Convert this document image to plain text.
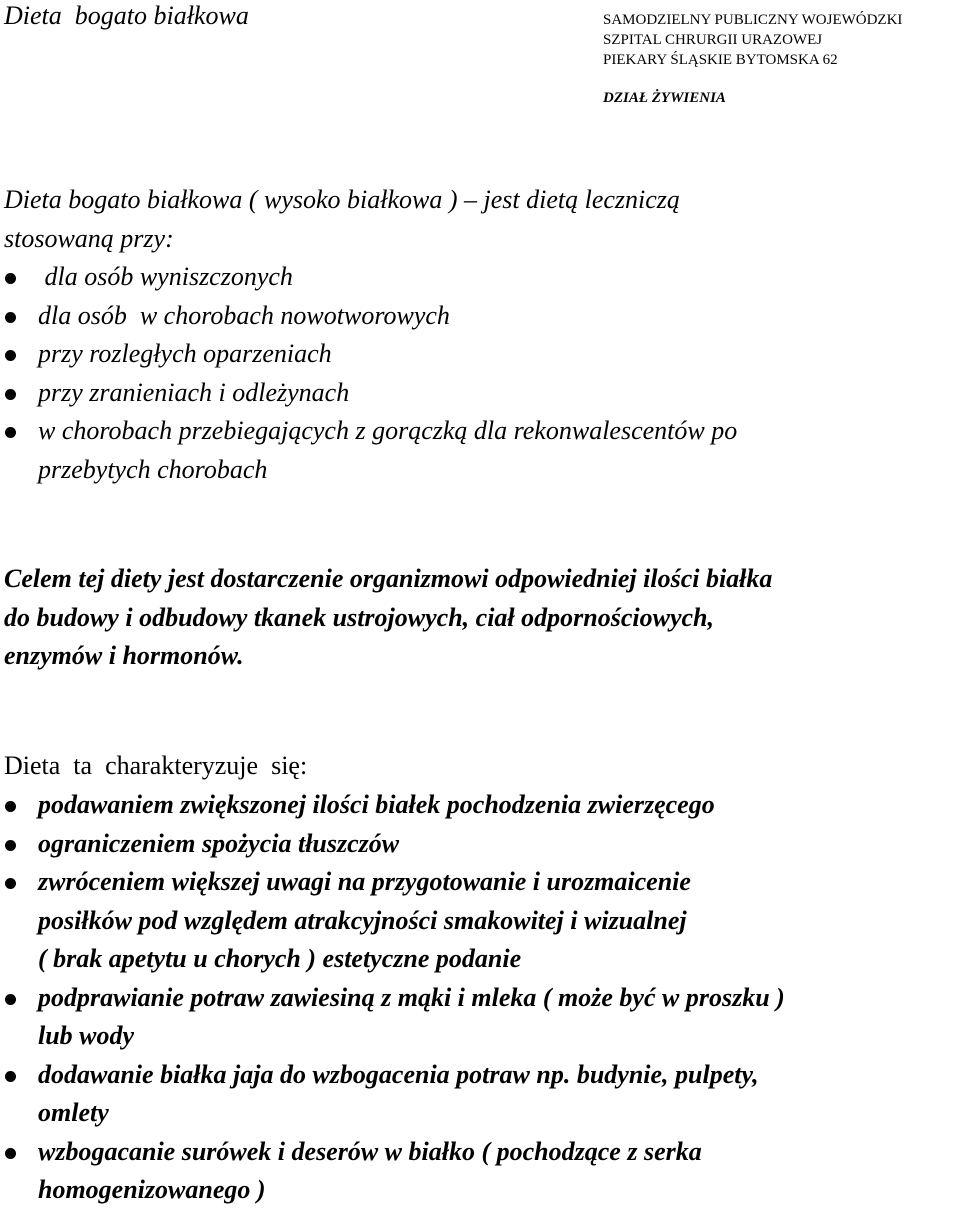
Dieta  bogato białkowa	SAMODZIELNY PUBLICZNY WOJEWÓDZKI
SZPITAL CHRURGII URAZOWEJ
PIEKARY ŚLĄSKIE BYTOMSKA 62
DZIAŁ ŻYWIENIA
Dieta bogato białkowa ( wysoko białkowa ) – jest dietą leczniczą
stosowaną przy:
dla osób wyniszczonych
dla osób  w chorobach nowotworowych
przy rozległych oparzeniach
przy zranieniach i odleżynach
w chorobach przebiegających z gorączką dla rekonwalescentów po
przebytych chorobach
Celem tej diety jest dostarczenie organizmowi odpowiedniej ilości białka
do budowy i odbudowy tkanek ustrojowych, ciał odpornościowych,
enzymów i hormonów.
Dieta  ta  charakteryzuje  się:
podawaniem zwiększonej ilości białek pochodzenia zwierzęcego
ograniczeniem spożycia tłuszczów
zwróceniem większej uwagi na przygotowanie i urozmaicenie
posiłków pod względem atrakcyjności smakowitej i wizualnej
( brak apetytu u chorych ) estetyczne podanie
podprawianie potraw zawiesiną z mąki i mleka ( może być w proszku )
lub wody
dodawanie białka jaja do wzbogacenia potraw np. budynie, pulpety,
omlety
wzbogacanie surówek i deserów w białko ( pochodzące z serka
homogenizowanego )
